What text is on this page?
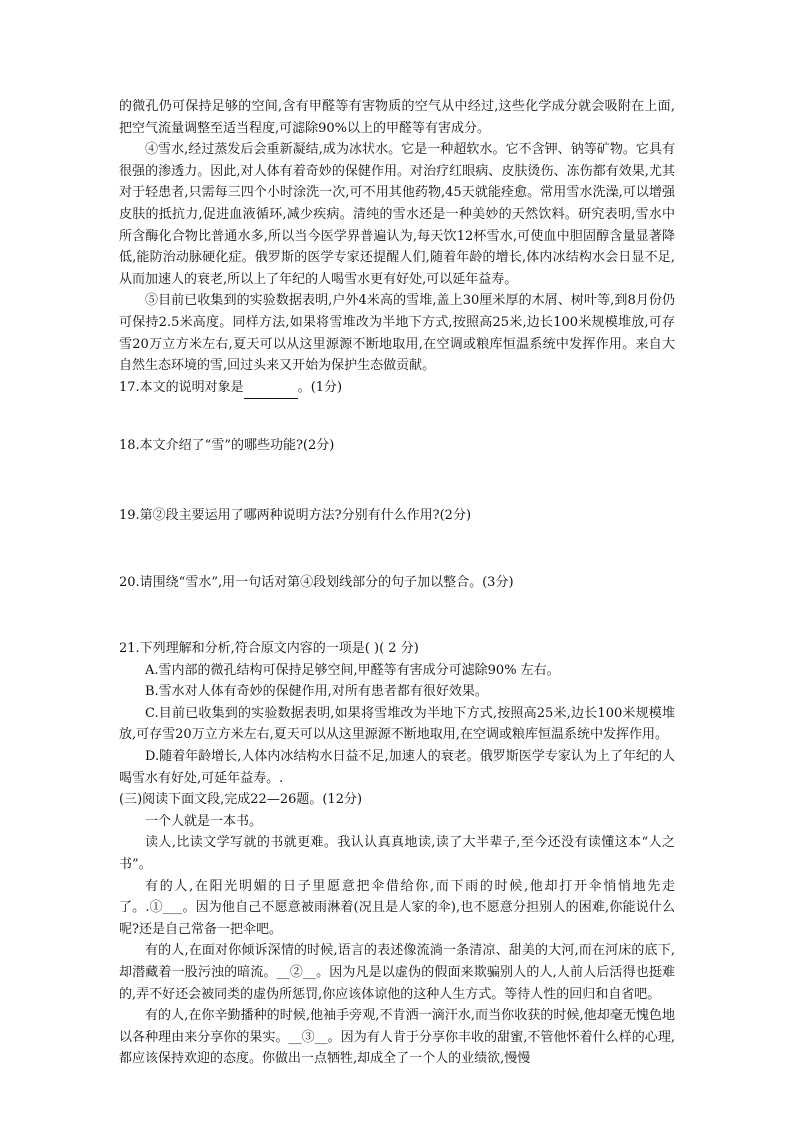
的微孔仍可保持足够的空间,含有甲醛等有害物质的空气从中经过,这些化学成分就会吸附在上面,把空气流量调整至适当程度,可滤除90%以上的甲醛等有害成分。

④雪水,经过蒸发后会重新凝结,成为冰状水。它是一种超软水。它不含钾、钠等矿物。它具有很强的渗透力。因此,对人体有着奇妙的保健作用。对治疗红眼病、皮肤烫伤、冻伤都有效果,尤其对于轻患者,只需每三四个小时涂洗一次,可不用其他药物,45天就能痊愈。常用雪水洗澡,可以增强皮肤的抵抗力,促进血液循环,减少疾病。清纯的雪水还是一种美妙的天然饮料。研究表明,雪水中所含酶化合物比普通水多,所以当今医学界普遍认为,每天饮12杯雪水,可使血中胆固醇含量显著降低,能防治动脉硬化症。俄罗斯的医学专家还提醒人们,随着年龄的增长,体内冰结构水会日显不足,从而加速人的衰老,所以上了年纪的人喝雪水更有好处,可以延年益寿。

⑤目前已收集到的实验数据表明,户外4米高的雪堆,盖上30厘米厚的木屑、树叶等,到8月份仍可保持2.5米高度。同样方法,如果将雪堆改为半地下方式,按照高25米,边长100米规模堆放,可存雪20万立方米左右,夏天可以从这里源源不断地取用,在空调或粮库恒温系统中发挥作用。来自大自然生态环境的雪,回过头来又开始为保护生态做贡献。

17.本文的说明对象是	。(1分)

18.本文介绍了“雪”的哪些功能?(2分)

19.第②段主要运用了哪两种说明方法?分别有什么作用?(2分)

20.请围绕“雪水”,用一句话对第④段划线部分的句子加以整合。(3分)

21.下列理解和分析,符合原文内容的一项是( )( 2 分)

A.雪内部的微孔结构可保持足够空间,甲醛等有害成分可滤除90% 左右。

B.雪水对人体有奇妙的保健作用,对所有患者都有很好效果。

C.目前已收集到的实验数据表明,如果将雪堆改为半地下方式,按照高25米,边长100米规模堆放,可存雪20万立方米左右,夏天可以从这里源源不断地取用,在空调或粮库恒温系统中发挥作用。

D.随着年龄增长,人体内冰结构水日益不足,加速人的衰老。俄罗斯医学专家认为上了年纪的人喝雪水有好处,可延年益寿。.

(三)阅读下面文段,完成22—26题。(12分)

一个人就是一本书。

读人,比读文学写就的书就更难。我认认真真地读,读了大半辈子,至今还没有读懂这本“人之书”。

有的人,在阳光明媚的日子里愿意把伞借给你,而下雨的时候,他却打开伞悄悄地先走了。.①___。因为他自己不愿意被雨淋着(况且是人家的伞),也不愿意分担别人的困难,你能说什么呢?还是自己常备一把伞吧。

有的人,在面对你倾诉深情的时候,语言的表述像流淌一条清凉、甜美的大河,而在河床的底下,却潜藏着一股污浊的暗流。__②__。因为凡是以虚伪的假面来欺骗别人的人,人前人后活得也挺难的,弄不好还会被同类的虚伪所惩罚,你应该体谅他的这种人生方式。等待人性的回归和自省吧。

有的人,在你辛勤播种的时候,他袖手旁观,不肯洒一滴汗水,而当你收获的时候,他却毫无愧色地以各种理由来分享你的果实。__③__。因为有人肯于分享你丰收的甜蜜,不管他怀着什么样的心理,都应该保持欢迎的态度。你做出一点牺牲,却成全了一个人的业绩欲,慢慢
